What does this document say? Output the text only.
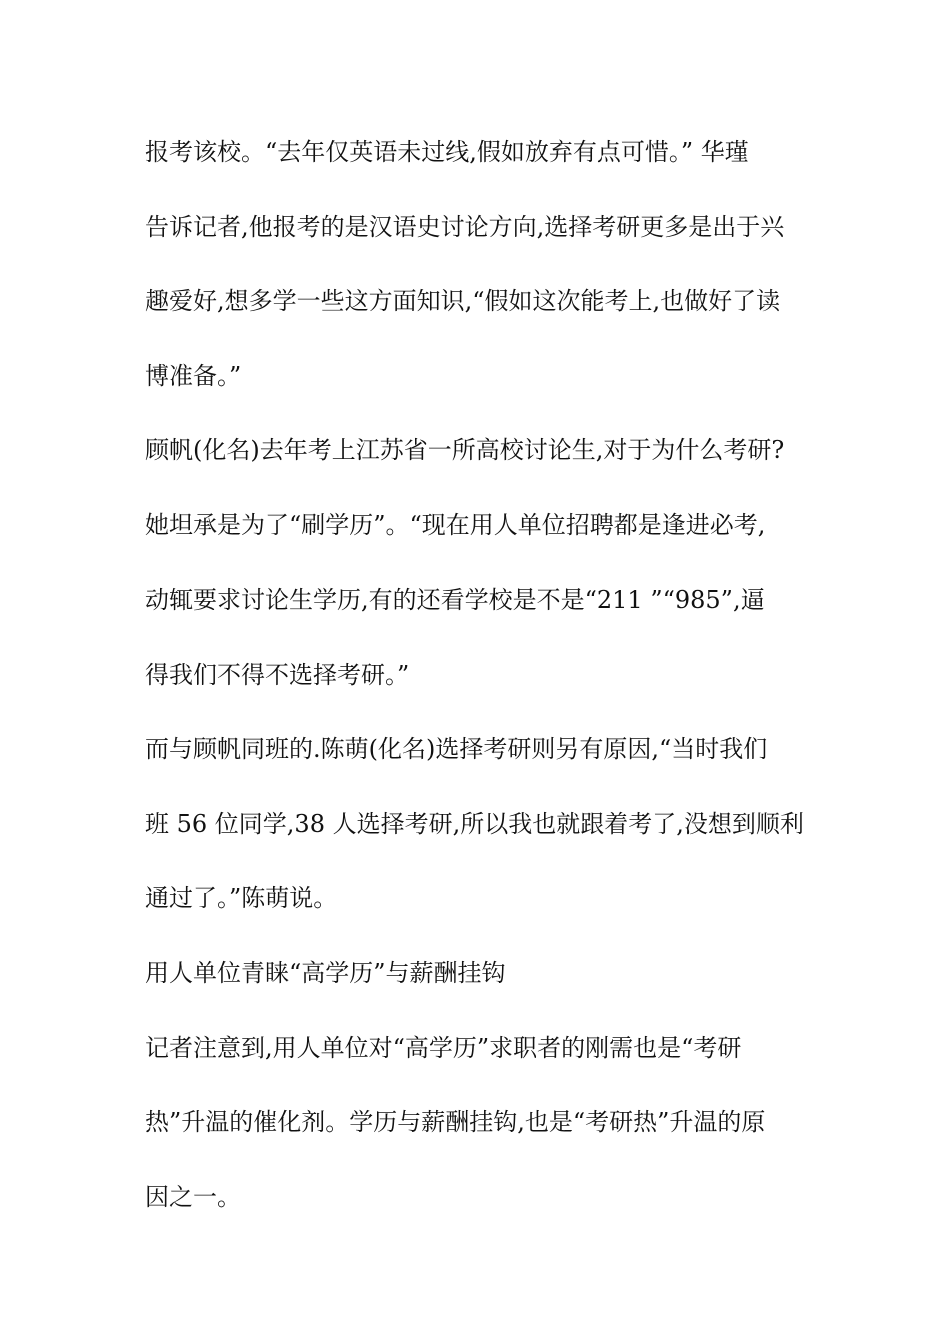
报考该校。“去年仅英语未过线,假如放弃有点可惜。” 华瑾
告诉记者,他报考的是汉语史讨论方向,选择考研更多是出于兴
趣爱好,想多学一些这方面知识,“假如这次能考上,也做好了读
博准备。”
顾帆(化名)去年考上江苏省一所高校讨论生,对于为什么考研?
她坦承是为了“刷学历”。“现在用人单位招聘都是逢进必考,
动辄要求讨论生学历,有的还看学校是不是“211 ”“985”,逼
得我们不得不选择考研。”
而与顾帆同班的.陈萌(化名)选择考研则另有原因,“当时我们
班 56 位同学,38 人选择考研,所以我也就跟着考了,没想到顺利
通过了。”陈萌说。
用人单位青睐“高学历”与薪酬挂钩
记者注意到,用人单位对“高学历”求职者的刚需也是“考研
热”升温的催化剂。学历与薪酬挂钩,也是“考研热”升温的原
因之一。
